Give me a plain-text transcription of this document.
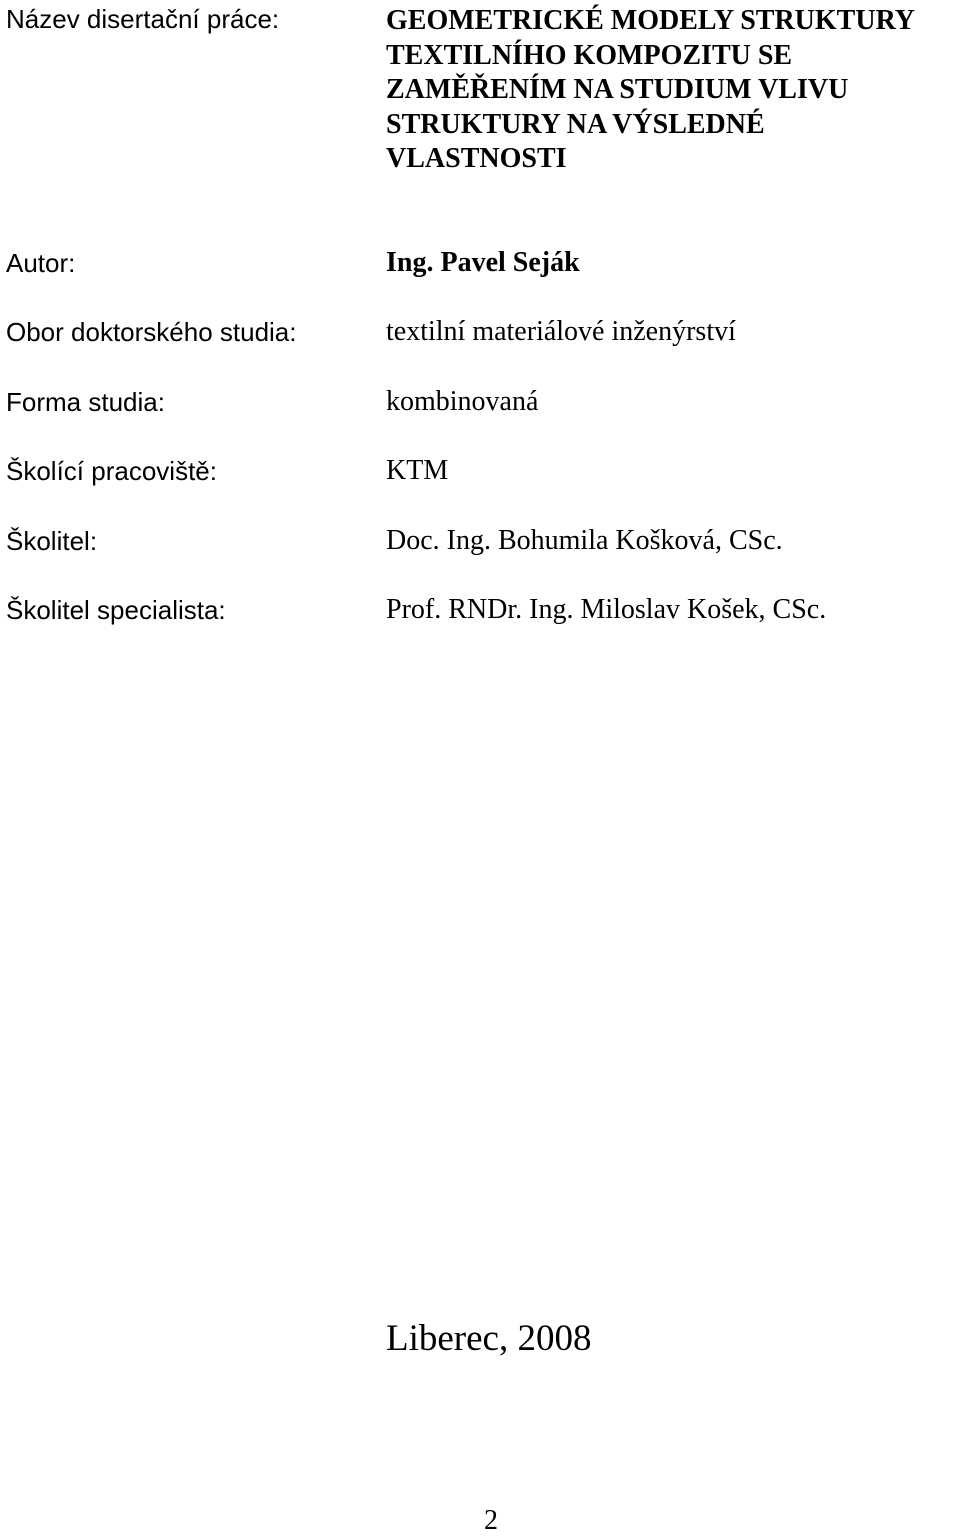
Název disertační práce:	GEOMETRICKÉ MODELY STRUKTURY
TEXTILNÍHO KOMPOZITU SE
ZAMĚŘENÍM NA STUDIUM VLIVU
STRUKTURY NA VÝSLEDNÉ
VLASTNOSTI
Autor:	Ing. Pavel Seják
Obor doktorského studia:	textilní materiálové inženýrství
Forma studia:	kombinovaná
Školící pracoviště:	KTM
Školitel:	Doc. Ing. Bohumila Košková, CSc.
Školitel specialista:	Prof. RNDr. Ing. Miloslav Košek, CSc.
Liberec, 2008
2
